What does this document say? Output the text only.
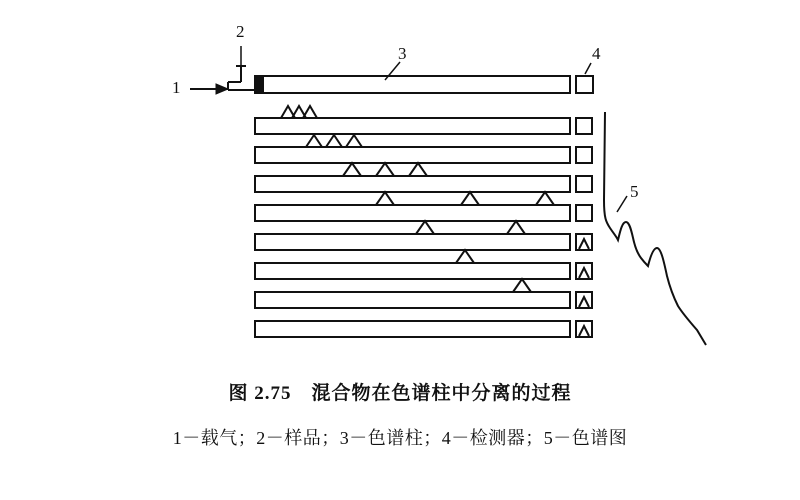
1
2
3	4
5
图 2.75　混合物在色谱柱中分离的过程
1－载气；2－样品；3－色谱柱；4－检测器；5－色谱图
